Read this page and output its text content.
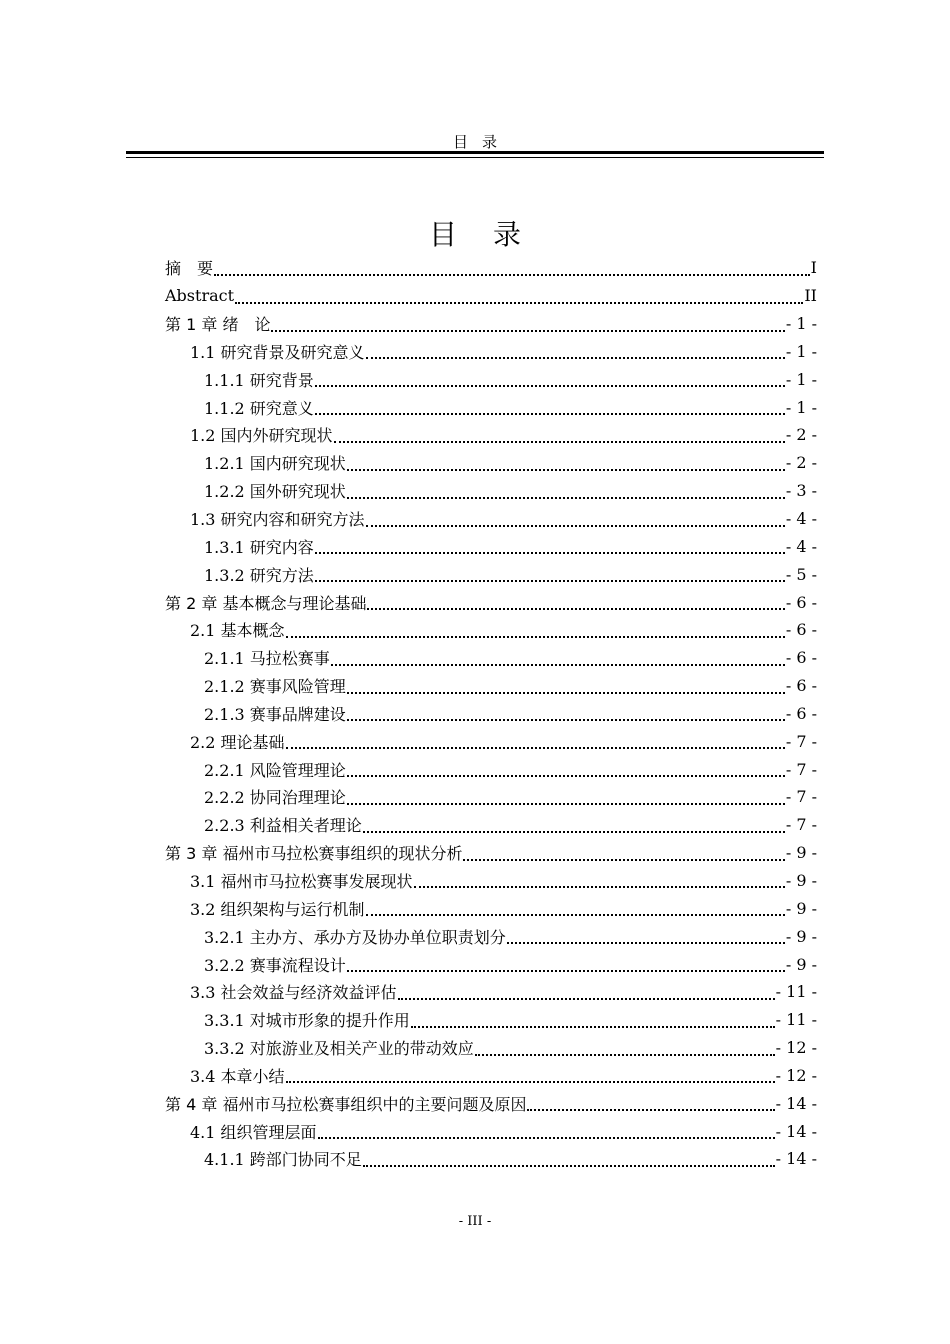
目录
目录
摘　要	I
Abstract	II
第 1 章 绪　论	- 1 -
1.1 研究背景及研究意义	- 1 -
1.1.1 研究背景	- 1 -
1.1.2 研究意义	- 1 -
1.2 国内外研究现状	- 2 -
1.2.1 国内研究现状	- 2 -
1.2.2 国外研究现状	- 3 -
1.3 研究内容和研究方法	- 4 -
1.3.1 研究内容	- 4 -
1.3.2 研究方法	- 5 -
第 2 章 基本概念与理论基础	- 6 -
2.1 基本概念	- 6 -
2.1.1 马拉松赛事	- 6 -
2.1.2 赛事风险管理	- 6 -
2.1.3 赛事品牌建设	- 6 -
2.2 理论基础	- 7 -
2.2.1 风险管理理论	- 7 -
2.2.2 协同治理理论	- 7 -
2.2.3 利益相关者理论	- 7 -
第 3 章 福州市马拉松赛事组织的现状分析	- 9 -
3.1 福州市马拉松赛事发展现状	- 9 -
3.2 组织架构与运行机制	- 9 -
3.2.1 主办方、承办方及协办单位职责划分	- 9 -
3.2.2 赛事流程设计	- 9 -
3.3 社会效益与经济效益评估	- 11 -
3.3.1 对城市形象的提升作用	- 11 -
3.3.2 对旅游业及相关产业的带动效应	- 12 -
3.4 本章小结	- 12 -
第 4 章 福州市马拉松赛事组织中的主要问题及原因	- 14 -
4.1 组织管理层面	- 14 -
4.1.1 跨部门协同不足	- 14 -
- III -
